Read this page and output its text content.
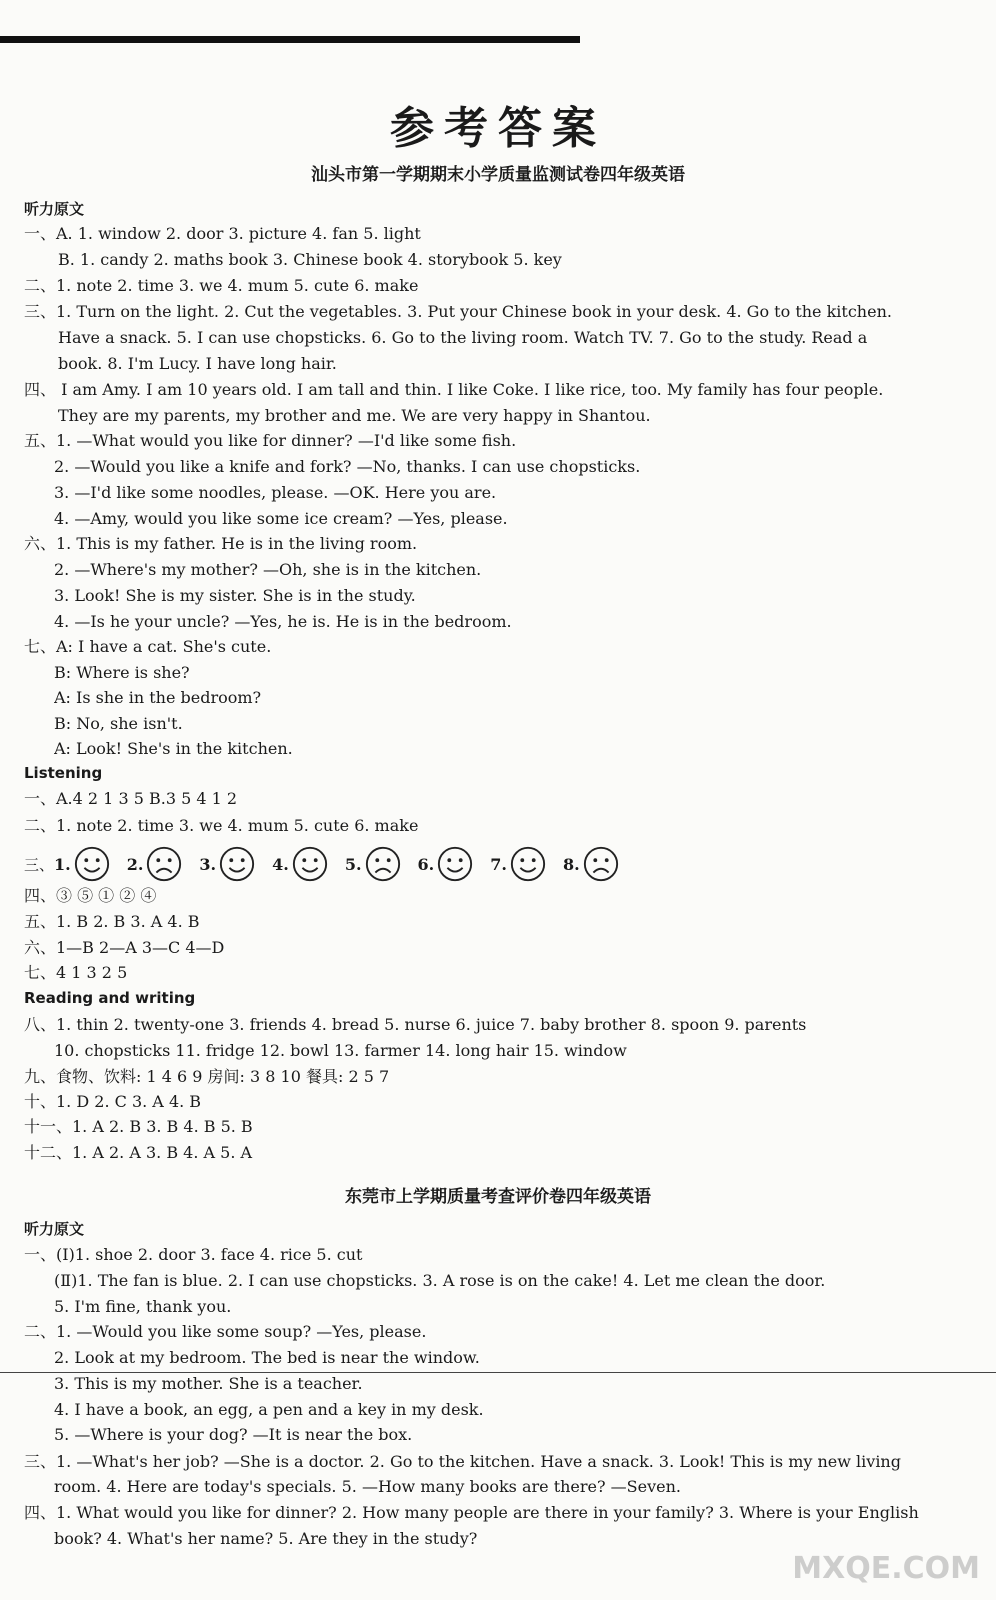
参考答案
汕头市第一学期期末小学质量监测试卷四年级英语
听力原文
一、A. 1. window 2. door 3. picture 4. fan 5. light
B. 1. candy 2. maths book 3. Chinese book 4. storybook 5. key
二、1. note 2. time 3. we 4. mum 5. cute 6. make
三、1. Turn on the light. 2. Cut the vegetables. 3. Put your Chinese book in your desk. 4. Go to the kitchen.
Have a snack. 5. I can use chopsticks. 6. Go to the living room. Watch TV. 7. Go to the study. Read a
book. 8. I'm Lucy. I have long hair.
四、 I am Amy. I am 10 years old. I am tall and thin. I like Coke. I like rice, too. My family has four people.
They are my parents, my brother and me. We are very happy in Shantou.
五、1. —What would you like for dinner? —I'd like some fish.
2. —Would you like a knife and fork? —No, thanks. I can use chopsticks.
3. —I'd like some noodles, please. —OK. Here you are.
4. —Amy, would you like some ice cream? —Yes, please.
六、1. This is my father. He is in the living room.
2. —Where's my mother? —Oh, she is in the kitchen.
3. Look! She is my sister. She is in the study.
4. —Is he your uncle? —Yes, he is. He is in the bedroom.
七、A: I have a cat. She's cute.
B: Where is she?
A: Is she in the bedroom?
B: No, she isn't.
A: Look! She's in the kitchen.
Listening
一、A.4 2 1 3 5 B.3 5 4 1 2
二、1. note 2. time 3. we 4. mum 5. cute 6. make
三、 1.	2.	3.	4.	5.	6.	7.	8.
四、③ ⑤ ① ② ④
五、1. B 2. B 3. A 4. B
六、1—B 2—A 3—C 4—D
七、4 1 3 2 5
Reading and writing
八、1. thin 2. twenty-one 3. friends 4. bread 5. nurse 6. juice 7. baby brother 8. spoon 9. parents
10. chopsticks 11. fridge 12. bowl 13. farmer 14. long hair 15. window
九、食物、饮料: 1 4 6 9 房间: 3 8 10 餐具: 2 5 7
十、1. D 2. C 3. A 4. B
十一、1. A 2. B 3. B 4. B 5. B
十二、1. A 2. A 3. B 4. A 5. A
东莞市上学期质量考查评价卷四年级英语
听力原文
一、(Ⅰ)1. shoe 2. door 3. face 4. rice 5. cut
(Ⅱ)1. The fan is blue. 2. I can use chopsticks. 3. A rose is on the cake! 4. Let me clean the door.
5. I'm fine, thank you.
二、1. —Would you like some soup? —Yes, please.
2. Look at my bedroom. The bed is near the window.
3. This is my mother. She is a teacher.
4. I have a book, an egg, a pen and a key in my desk.
5. —Where is your dog? —It is near the box.
三、1. —What's her job? —She is a doctor. 2. Go to the kitchen. Have a snack. 3. Look! This is my new living
room. 4. Here are today's specials. 5. —How many books are there? —Seven.
四、1. What would you like for dinner? 2. How many people are there in your family? 3. Where is your English
book? 4. What's her name? 5. Are they in the study?
MXQE.COM
